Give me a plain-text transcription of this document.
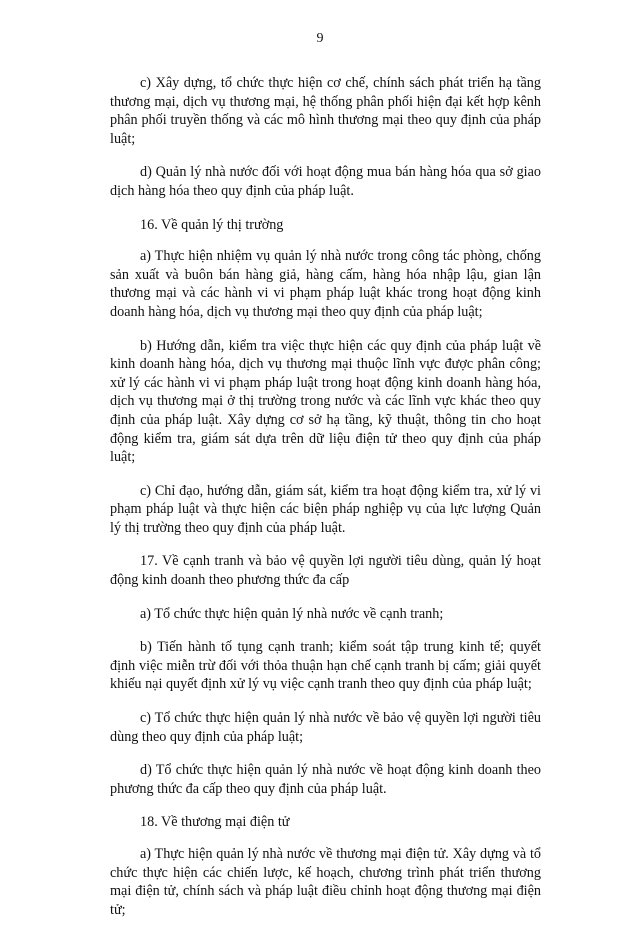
9

c) Xây dựng, tổ chức thực hiện cơ chế, chính sách phát triển hạ tầng thương mại, dịch vụ thương mại, hệ thống phân phối hiện đại kết hợp kênh phân phối truyền thống và các mô hình thương mại theo quy định của pháp luật;

d) Quản lý nhà nước đối với hoạt động mua bán hàng hóa qua sở giao dịch hàng hóa theo quy định của pháp luật.

16. Về quản lý thị trường

a) Thực hiện nhiệm vụ quản lý nhà nước trong công tác phòng, chống sản xuất và buôn bán hàng giả, hàng cấm, hàng hóa nhập lậu, gian lận thương mại và các hành vi vi phạm pháp luật khác trong hoạt động kinh doanh hàng hóa, dịch vụ thương mại theo quy định của pháp luật;

b) Hướng dẫn, kiểm tra việc thực hiện các quy định của pháp luật về kinh doanh hàng hóa, dịch vụ thương mại thuộc lĩnh vực được phân công; xử lý các hành vi vi phạm pháp luật trong hoạt động kinh doanh hàng hóa, dịch vụ thương mại ở thị trường trong nước và các lĩnh vực khác theo quy định của pháp luật. Xây dựng cơ sở hạ tầng, kỹ thuật, thông tin cho hoạt động kiểm tra, giám sát dựa trên dữ liệu điện tử theo quy định của pháp luật;

c) Chỉ đạo, hướng dẫn, giám sát, kiểm tra hoạt động kiểm tra, xử lý vi phạm pháp luật và thực hiện các biện pháp nghiệp vụ của lực lượng Quản lý thị trường theo quy định của pháp luật.

17. Về cạnh tranh và bảo vệ quyền lợi người tiêu dùng, quản lý hoạt động kinh doanh theo phương thức đa cấp

a) Tổ chức thực hiện quản lý nhà nước về cạnh tranh;

b) Tiến hành tố tụng cạnh tranh; kiểm soát tập trung kinh tế; quyết định việc miễn trừ đối với thỏa thuận hạn chế cạnh tranh bị cấm; giải quyết khiếu nại quyết định xử lý vụ việc cạnh tranh theo quy định của pháp luật;

c) Tổ chức thực hiện quản lý nhà nước về bảo vệ quyền lợi người tiêu dùng theo quy định của pháp luật;

d) Tổ chức thực hiện quản lý nhà nước về hoạt động kinh doanh theo phương thức đa cấp theo quy định của pháp luật.

18. Về thương mại điện tử

a) Thực hiện quản lý nhà nước về thương mại điện tử. Xây dựng và tổ chức thực hiện các chiến lược, kế hoạch, chương trình phát triển thương mại điện tử, chính sách và pháp luật điều chỉnh hoạt động thương mại điện tử;
